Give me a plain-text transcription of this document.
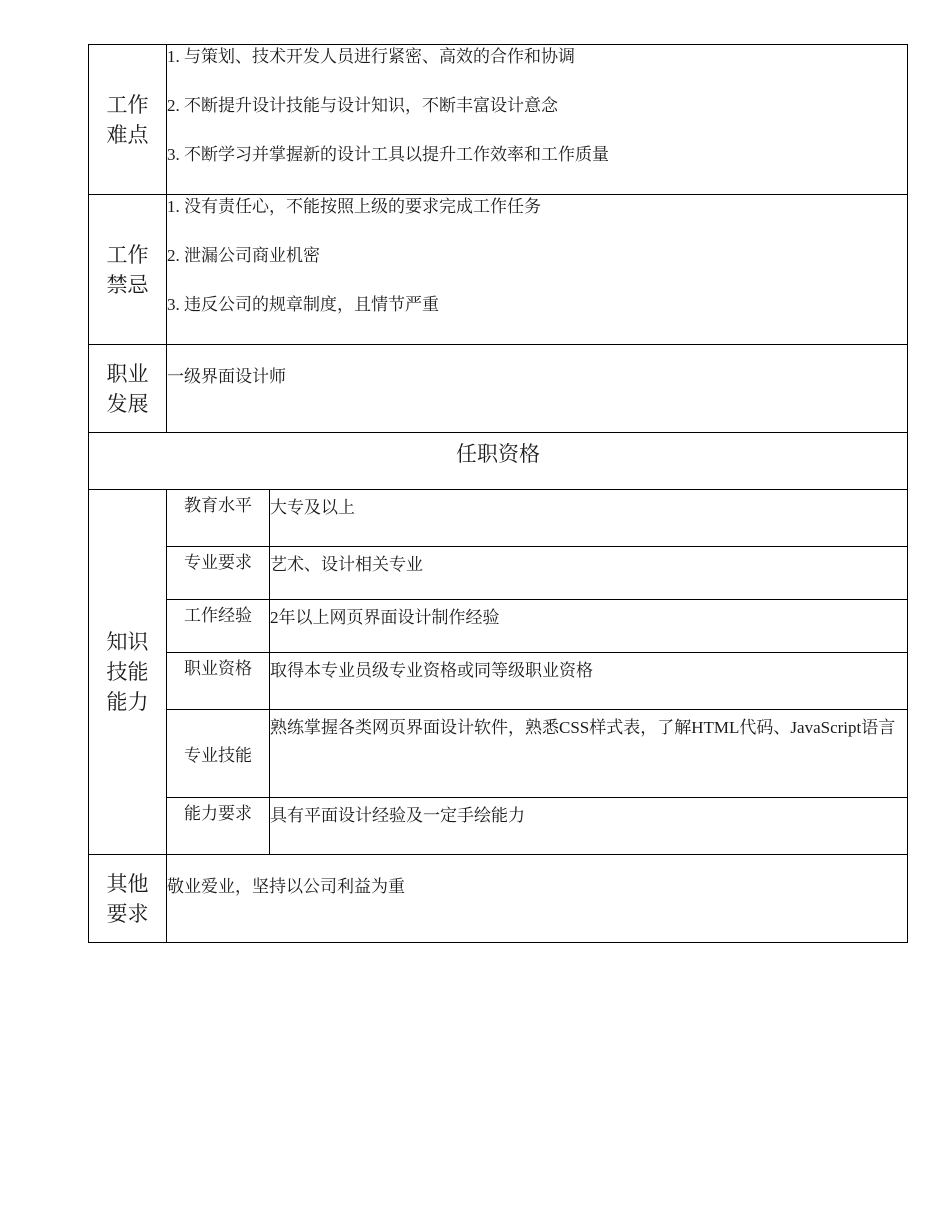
工作
难点	1. 与策划、技术开发人员进行紧密、高效的合作和协调
2. 不断提升设计技能与设计知识，不断丰富设计意念
3. 不断学习并掌握新的设计工具以提升工作效率和工作质量	

工作
禁忌	1. 没有责任心，不能按照上级的要求完成工作任务
2. 泄漏公司商业机密
3. 违反公司的规章制度，且情节严重	

职业
发展	一级界面设计师	

任职资格		

知识
技能
能力	教育水平	大专及以上
	专业要求	艺术、设计相关专业
	工作经验	2年以上网页界面设计制作经验
	职业资格	取得本专业员级专业资格或同等级职业资格
	专业技能	熟练掌握各类网页界面设计软件，熟悉CSS样式表，了解HTML代码、JavaScript语言
	能力要求	具有平面设计经验及一定手绘能力

其他
要求	敬业爱业，坚持以公司利益为重	
